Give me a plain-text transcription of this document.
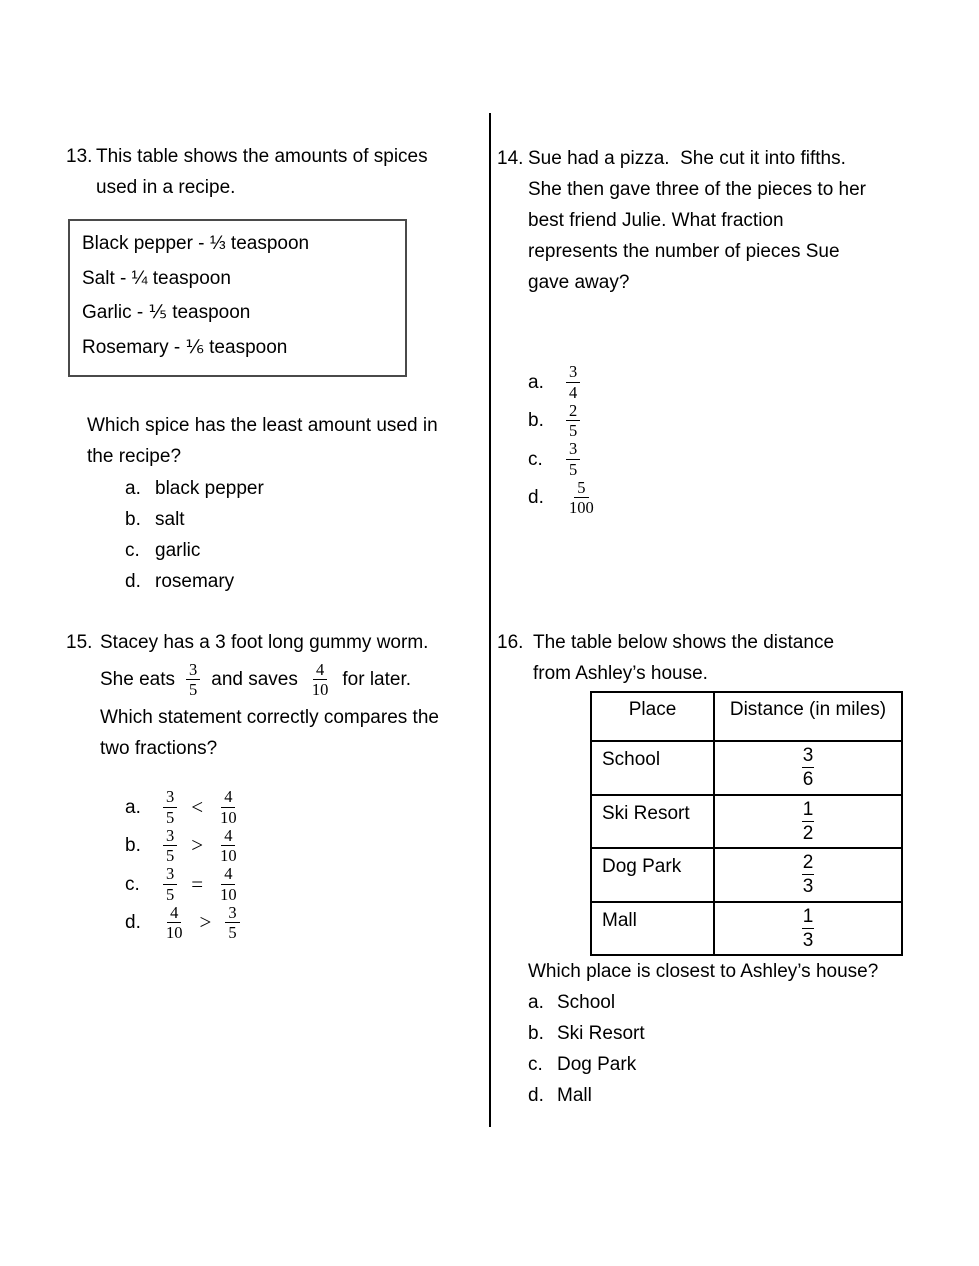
13. This table shows the amounts of spices
used in a recipe.
Black pepper - ⅓ teaspoon
Salt - ¼ teaspoon
Garlic - ⅕ teaspoon
Rosemary - ⅙ teaspoon
Which spice has the least amount used in
the recipe?
a. black pepper
b. salt
c. garlic
d. rosemary
14. Sue had a pizza.  She cut it into fifths.
She then gave three of the pieces to her
best friend Julie. What fraction
represents the number of pieces Sue
gave away?
a.	$\frac{3}{4}$
b.	$\frac{2}{5}$
c.	$\frac{3}{5}$
d.	$\frac{5}{100}$
15. Stacey has a 3 foot long gummy worm.
She eats $\frac{3}{5}$ and saves $\frac{4}{10}$ for later.
Which statement correctly compares the
two fractions?
a.	$\frac{3}{5} < \frac{4}{10}$
b.	$\frac{3}{5} > \frac{4}{10}$
c.	$\frac{3}{5} = \frac{4}{10}$
d.	$\frac{4}{10} > \frac{3}{5}$
16. The table below shows the distance
from Ashley’s house.
Place	Distance (in miles)
School	$\frac{3}{6}$
Ski Resort	$\frac{1}{2}$
Dog Park	$\frac{2}{3}$
Mall	$\frac{1}{3}$
Which place is closest to Ashley’s house?
a. School
b. Ski Resort
c. Dog Park
d. Mall
